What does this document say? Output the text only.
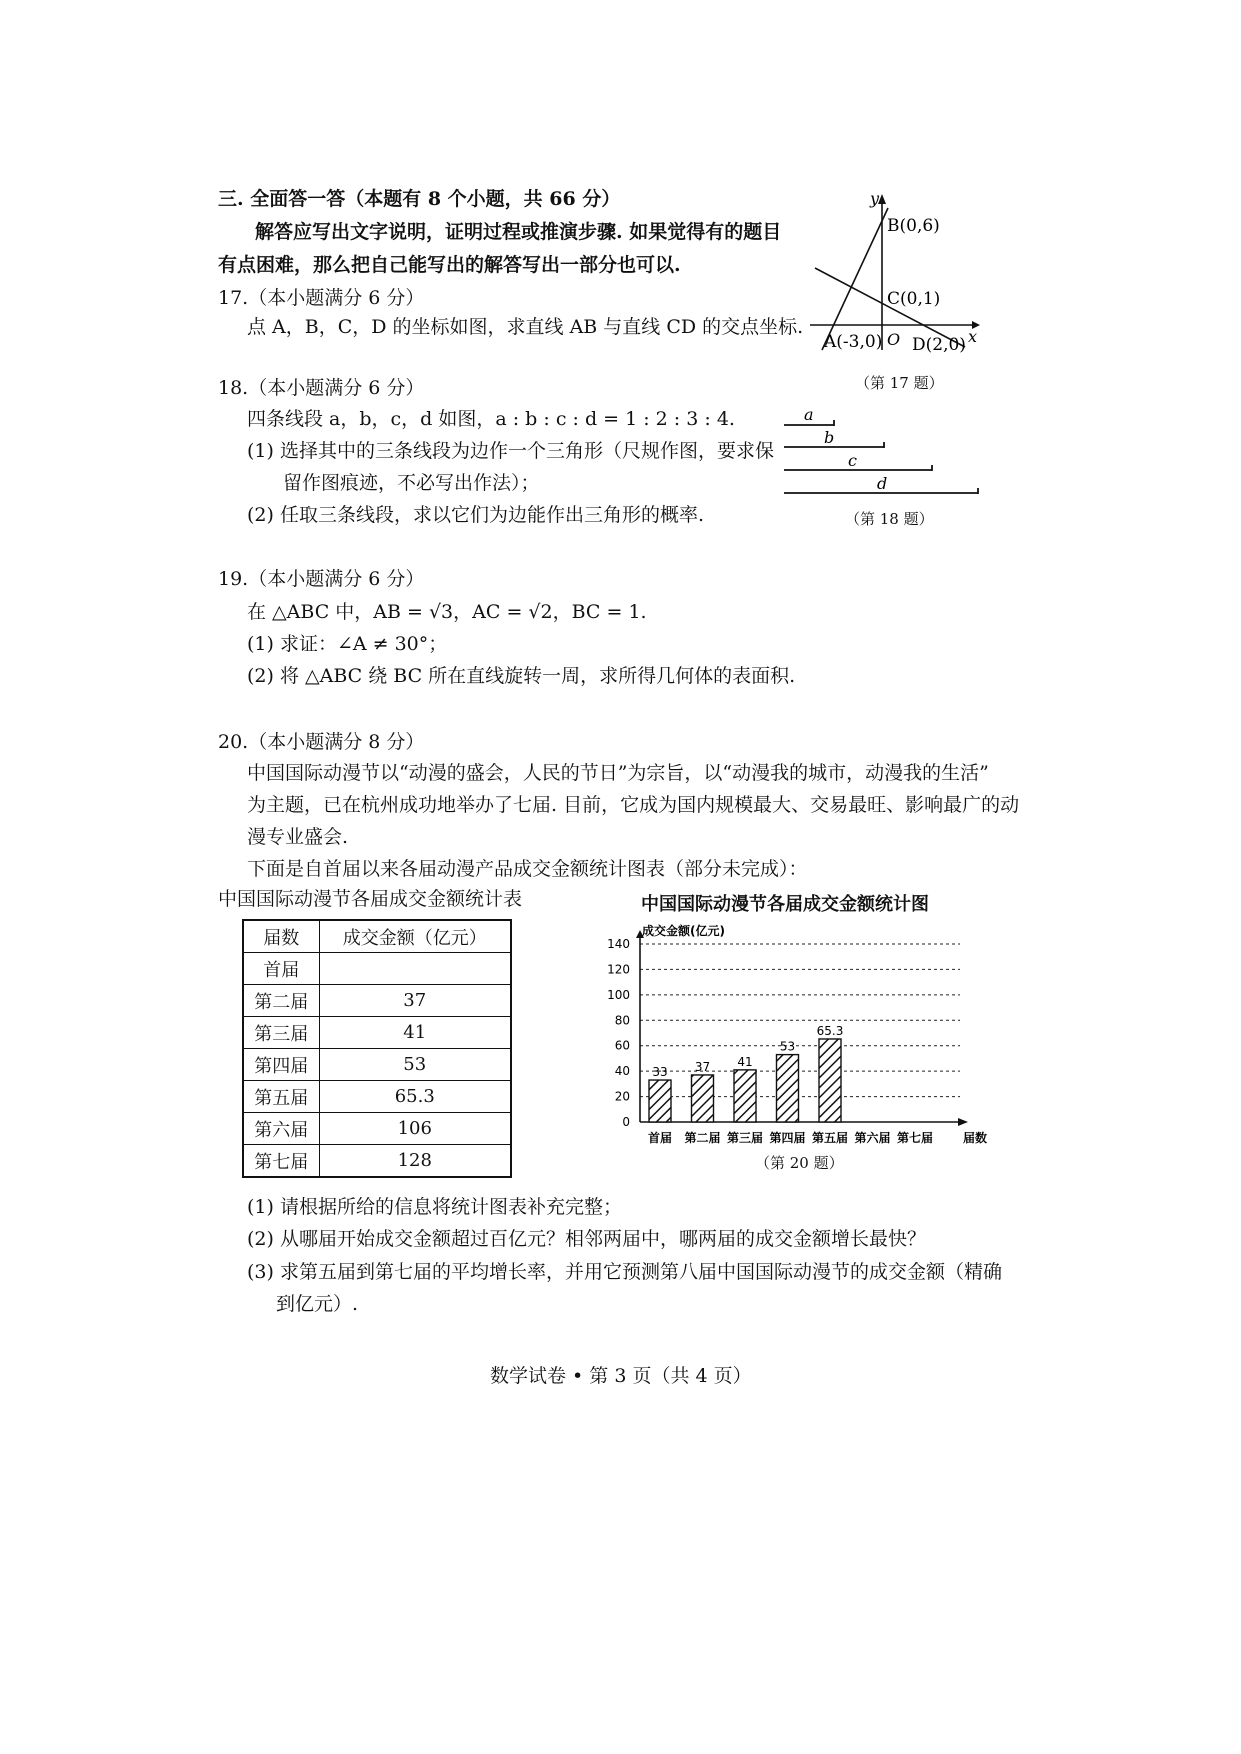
三. 全面答一答（本题有 8 个小题，共 66 分）
解答应写出文字说明，证明过程或推演步骤. 如果觉得有的题目
有点困难，那么把自己能写出的解答写出一部分也可以.
17.（本小题满分 6 分）
点 A，B，C，D 的坐标如图，求直线 AB 与直线 CD 的交点坐标.
y
x
B(0,6)
C(0,1)
O
A(-3,0) D(2,0)
（第 17 题）
18.（本小题满分 6 分）
四条线段 a，b，c，d 如图，a : b : c : d = 1 : 2 : 3 : 4.
(1) 选择其中的三条线段为边作一个三角形（尺规作图，要求保
留作图痕迹，不必写出作法）；
(2) 任取三条线段，求以它们为边能作出三角形的概率.
a
b
c
d
（第 18 题）
19.（本小题满分 6 分）
在 △ABC 中，AB = √3，AC = √2，BC = 1.
(1) 求证：∠A ≠ 30°；
(2) 将 △ABC 绕 BC 所在直线旋转一周，求所得几何体的表面积.
20.（本小题满分 8 分）
中国国际动漫节以“动漫的盛会，人民的节日”为宗旨，以“动漫我的城市，动漫我的生活”
为主题，已在杭州成功地举办了七届. 目前，它成为国内规模最大、交易最旺、影响最广的动
漫专业盛会.
下面是自首届以来各届动漫产品成交金额统计图表（部分未完成）：
中国国际动漫节各届成交金额统计表
届数	成交金额（亿元）
首届	
第二届	37
第三届	41
第四届	53
第五届	65.3
第六届	106
第七届	128
中国国际动漫节各届成交金额统计图
成交金额(亿元)
0
20
40
60
80
100
120
140
首届
33
第二届
37
第三届
41
第四届
53
第五届
65.3
第六届 第七届 届数
（第 20 题）
(1) 请根据所给的信息将统计图表补充完整；
(2) 从哪届开始成交金额超过百亿元？相邻两届中，哪两届的成交金额增长最快？
(3) 求第五届到第七届的平均增长率，并用它预测第八届中国国际动漫节的成交金额（精确
到亿元）.
数学试卷 • 第 3 页（共 4 页）
